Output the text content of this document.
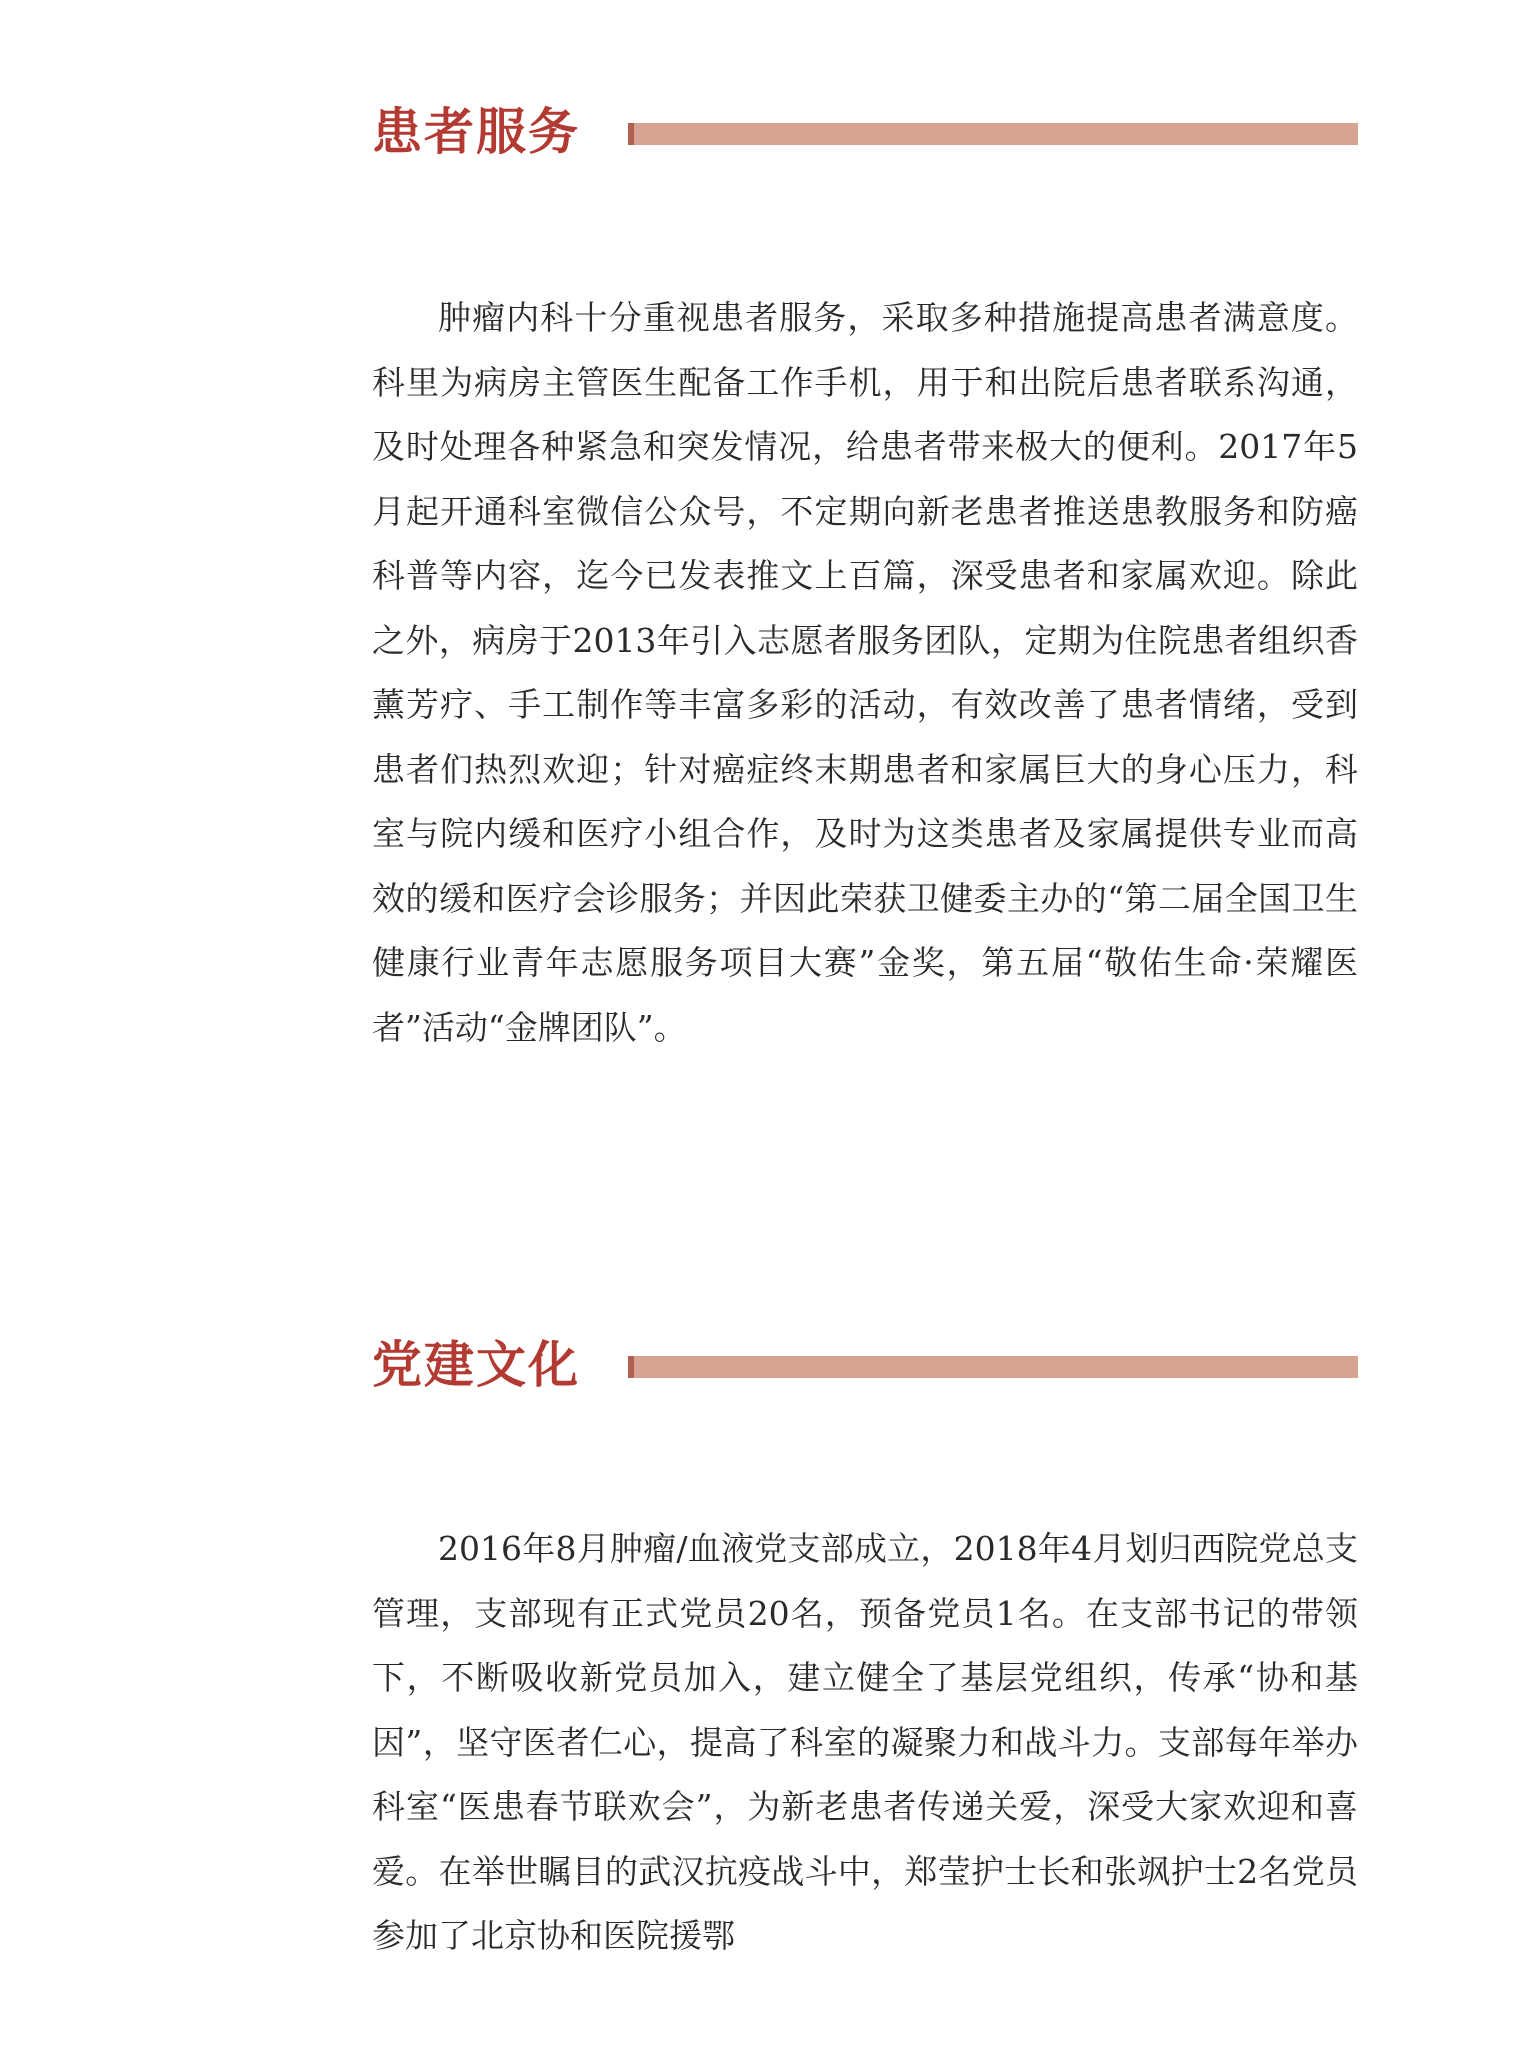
患者服务

肿瘤内科十分重视患者服务，采取多种措施提高患者满意度。科里为病房主管医生配备工作手机，用于和出院后患者联系沟通，及时处理各种紧急和突发情况，给患者带来极大的便利。2017年5月起开通科室微信公众号，不定期向新老患者推送患教服务和防癌科普等内容，迄今已发表推文上百篇，深受患者和家属欢迎。除此之外，病房于2013年引入志愿者服务团队，定期为住院患者组织香薰芳疗、手工制作等丰富多彩的活动，有效改善了患者情绪，受到患者们热烈欢迎；针对癌症终末期患者和家属巨大的身心压力，科室与院内缓和医疗小组合作，及时为这类患者及家属提供专业而高效的缓和医疗会诊服务；并因此荣获卫健委主办的“第二届全国卫生健康行业青年志愿服务项目大赛”金奖，第五届“敬佑生命·荣耀医者”活动“金牌团队”。

党建文化

2016年8月肿瘤/血液党支部成立，2018年4月划归西院党总支管理，支部现有正式党员20名，预备党员1名。在支部书记的带领下，不断吸收新党员加入，建立健全了基层党组织，传承“协和基因”，坚守医者仁心，提高了科室的凝聚力和战斗力。支部每年举办科室“医患春节联欢会”，为新老患者传递关爱，深受大家欢迎和喜爱。在举世瞩目的武汉抗疫战斗中，郑莹护士长和张飒护士2名党员参加了北京协和医院援鄂
